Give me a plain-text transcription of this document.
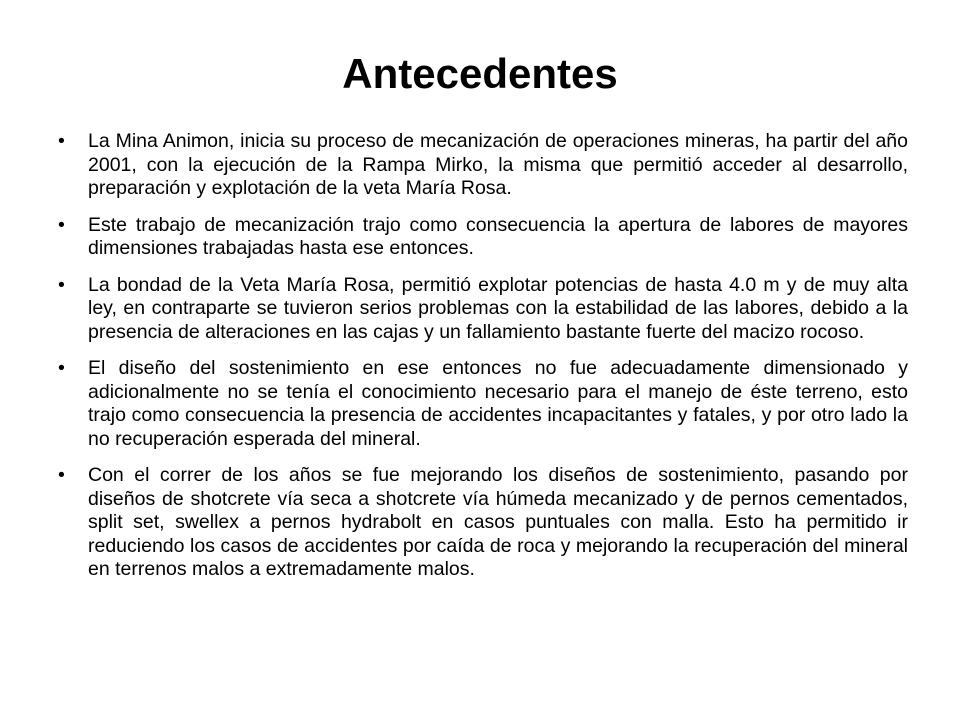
Antecedentes
•	La Mina Animon, inicia su proceso de mecanización de operaciones mineras, ha partir del año 2001, con la ejecución de la Rampa Mirko, la misma que permitió acceder al desarrollo, preparación y explotación de la veta María Rosa.
•	Este trabajo de mecanización trajo como consecuencia la apertura de labores de mayores dimensiones trabajadas hasta ese entonces.
•	La bondad de la Veta María Rosa, permitió explotar potencias de hasta 4.0 m y de muy alta ley, en contraparte se tuvieron serios problemas con la estabilidad de las labores, debido a la presencia de alteraciones en las cajas y un fallamiento bastante fuerte del macizo rocoso.
•	El diseño del sostenimiento en ese entonces no fue adecuadamente dimensionado y adicionalmente no se tenía el conocimiento necesario para el manejo de éste terreno, esto trajo como consecuencia la presencia de accidentes incapacitantes y fatales, y por otro lado la no recuperación esperada del mineral.
•	Con el correr de los años se fue mejorando los diseños de sostenimiento, pasando por diseños de shotcrete vía seca a shotcrete vía húmeda mecanizado y de pernos cementados, split set, swellex a pernos hydrabolt en casos puntuales con malla. Esto ha permitido ir reduciendo los casos de accidentes por caída de roca y mejorando la recuperación del mineral en terrenos malos a extremadamente malos.
